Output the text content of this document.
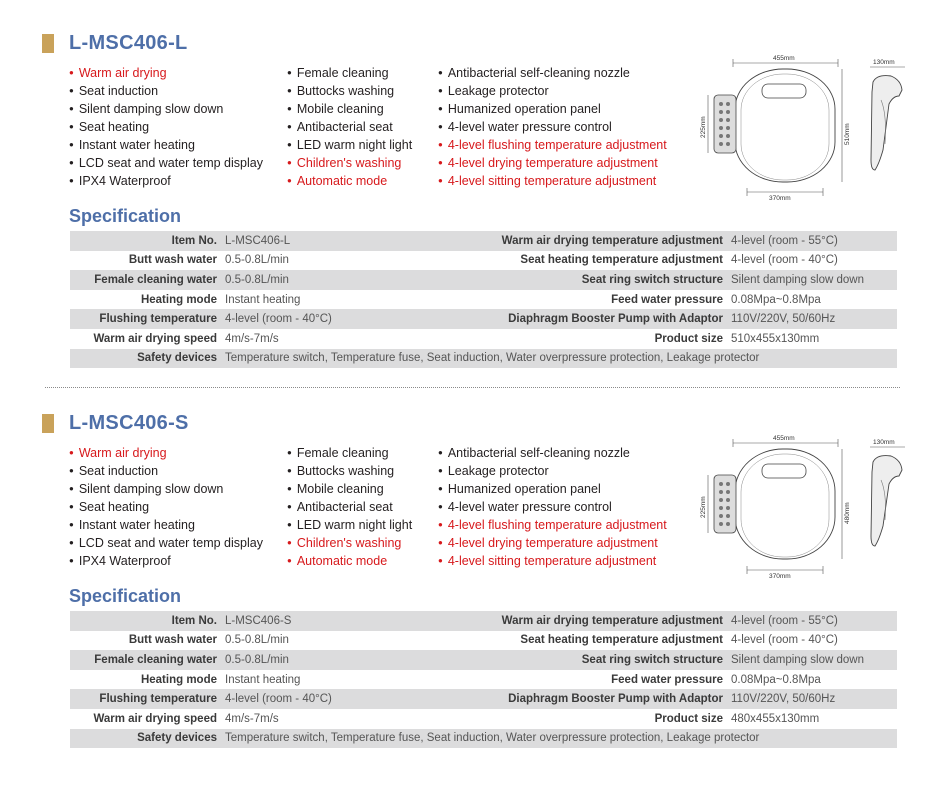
L-MSC406-L
● Warm air drying
● Seat induction
● Silent damping slow down
● Seat heating
● Instant water heating
● LCD seat and water temp display
● IPX4 Waterproof
● Female cleaning
● Buttocks washing
● Mobile cleaning
● Antibacterial seat
● LED warm night light
● Children's washing
● Automatic mode
● Antibacterial self-cleaning nozzle
● Leakage protector
● Humanized operation panel
● 4-level water pressure control
● 4-level flushing temperature adjustment
● 4-level drying temperature adjustment
● 4-level sitting temperature adjustment
455mm
225mm	510mm
370mm
130mm
Specification
Item No.	L-MSC406-L	Warm air drying temperature adjustment	4-level (room - 55°C)
Butt wash water	0.5-0.8L/min	Seat heating temperature adjustment	4-level (room - 40°C)
Female cleaning water	0.5-0.8L/min	Seat ring switch structure	Silent damping slow down
Heating mode	Instant heating	Feed water pressure	0.08Mpa~0.8Mpa
Flushing temperature	4-level (room - 40°C)	Diaphragm Booster Pump with Adaptor	110V/220V, 50/60Hz
Warm air drying speed	4m/s-7m/s	Product size	510x455x130mm
Safety devices	Temperature switch, Temperature fuse, Seat induction, Water overpressure protection, Leakage protector		
L-MSC406-S
● Warm air drying
● Seat induction
● Silent damping slow down
● Seat heating
● Instant water heating
● LCD seat and water temp display
● IPX4 Waterproof
● Female cleaning
● Buttocks washing
● Mobile cleaning
● Antibacterial seat
● LED warm night light
● Children's washing
● Automatic mode
● Antibacterial self-cleaning nozzle
● Leakage protector
● Humanized operation panel
● 4-level water pressure control
● 4-level flushing temperature adjustment
● 4-level drying temperature adjustment
● 4-level sitting temperature adjustment
455mm
225mm	480mm
370mm
130mm
Specification
Item No.	L-MSC406-S	Warm air drying temperature adjustment	4-level (room - 55°C)
Butt wash water	0.5-0.8L/min	Seat heating temperature adjustment	4-level (room - 40°C)
Female cleaning water	0.5-0.8L/min	Seat ring switch structure	Silent damping slow down
Heating mode	Instant heating	Feed water pressure	0.08Mpa~0.8Mpa
Flushing temperature	4-level (room - 40°C)	Diaphragm Booster Pump with Adaptor	110V/220V, 50/60Hz
Warm air drying speed	4m/s-7m/s	Product size	480x455x130mm
Safety devices	Temperature switch, Temperature fuse, Seat induction, Water overpressure protection, Leakage protector		
